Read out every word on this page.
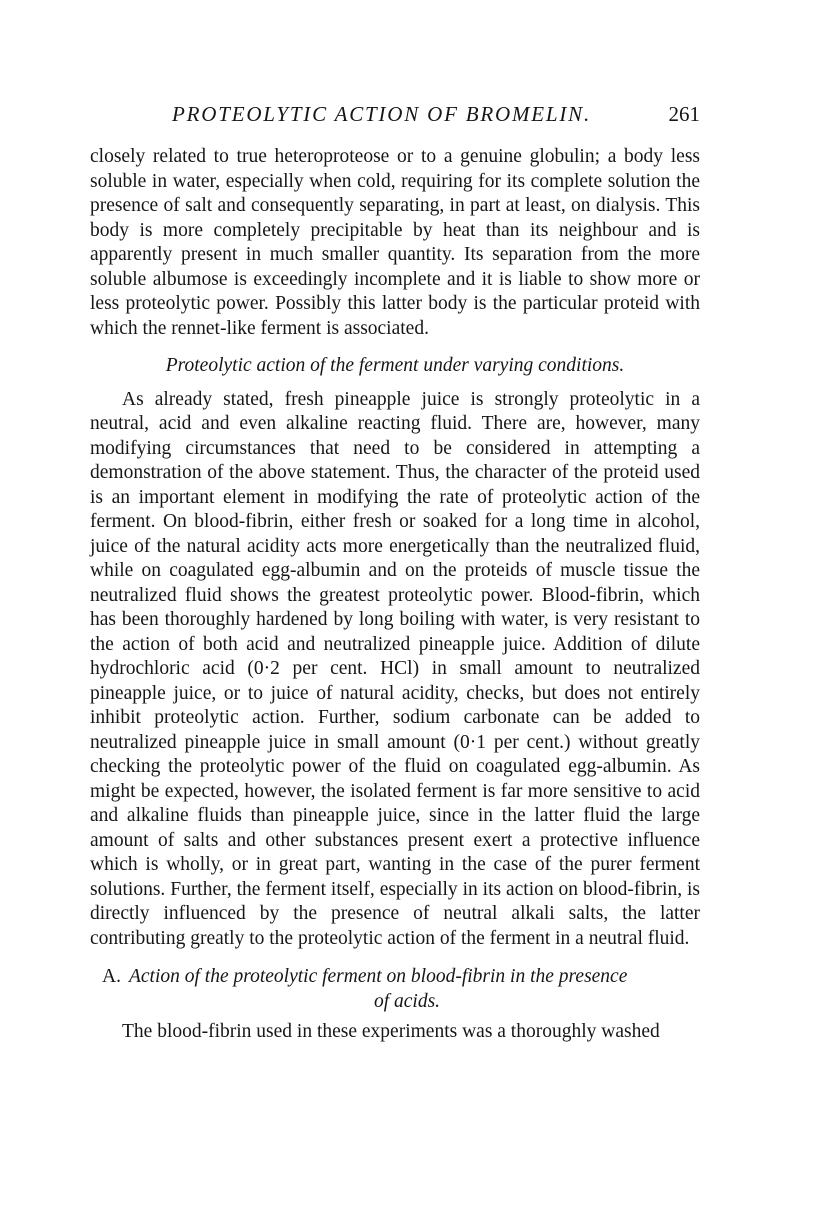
PROTEOLYTIC ACTION OF BROMELIN.	261

closely related to true heteroproteose or to a genuine globulin; a body less soluble in water, especially when cold, requiring for its complete solution the presence of salt and consequently separating, in part at least, on dialysis. This body is more completely precipitable by heat than its neighbour and is apparently present in much smaller quantity. Its separation from the more soluble albumose is exceedingly incomplete and it is liable to show more or less proteolytic power. Possibly this latter body is the particular proteid with which the rennet-like ferment is associated.

Proteolytic action of the ferment under varying conditions.

As already stated, fresh pineapple juice is strongly proteolytic in a neutral, acid and even alkaline reacting fluid. There are, however, many modifying circumstances that need to be considered in attempting a demonstration of the above statement. Thus, the character of the proteid used is an important element in modifying the rate of proteolytic action of the ferment. On blood-fibrin, either fresh or soaked for a long time in alcohol, juice of the natural acidity acts more energetically than the neutralized fluid, while on coagulated egg-albumin and on the proteids of muscle tissue the neutralized fluid shows the greatest proteolytic power. Blood-fibrin, which has been thoroughly hardened by long boiling with water, is very resistant to the action of both acid and neutralized pineapple juice. Addition of dilute hydrochloric acid (0·2 per cent. HCl) in small amount to neutralized pineapple juice, or to juice of natural acidity, checks, but does not entirely inhibit proteolytic action. Further, sodium carbonate can be added to neutralized pineapple juice in small amount (0·1 per cent.) without greatly checking the proteolytic power of the fluid on coagulated egg-albumin. As might be expected, however, the isolated ferment is far more sensitive to acid and alkaline fluids than pineapple juice, since in the latter fluid the large amount of salts and other substances present exert a protective influence which is wholly, or in great part, wanting in the case of the purer ferment solutions. Further, the ferment itself, especially in its action on blood-fibrin, is directly influenced by the presence of neutral alkali salts, the latter contributing greatly to the proteolytic action of the ferment in a neutral fluid.

A. Action of the proteolytic ferment on blood-fibrin in the presence
of acids.

The blood-fibrin used in these experiments was a thoroughly washed
